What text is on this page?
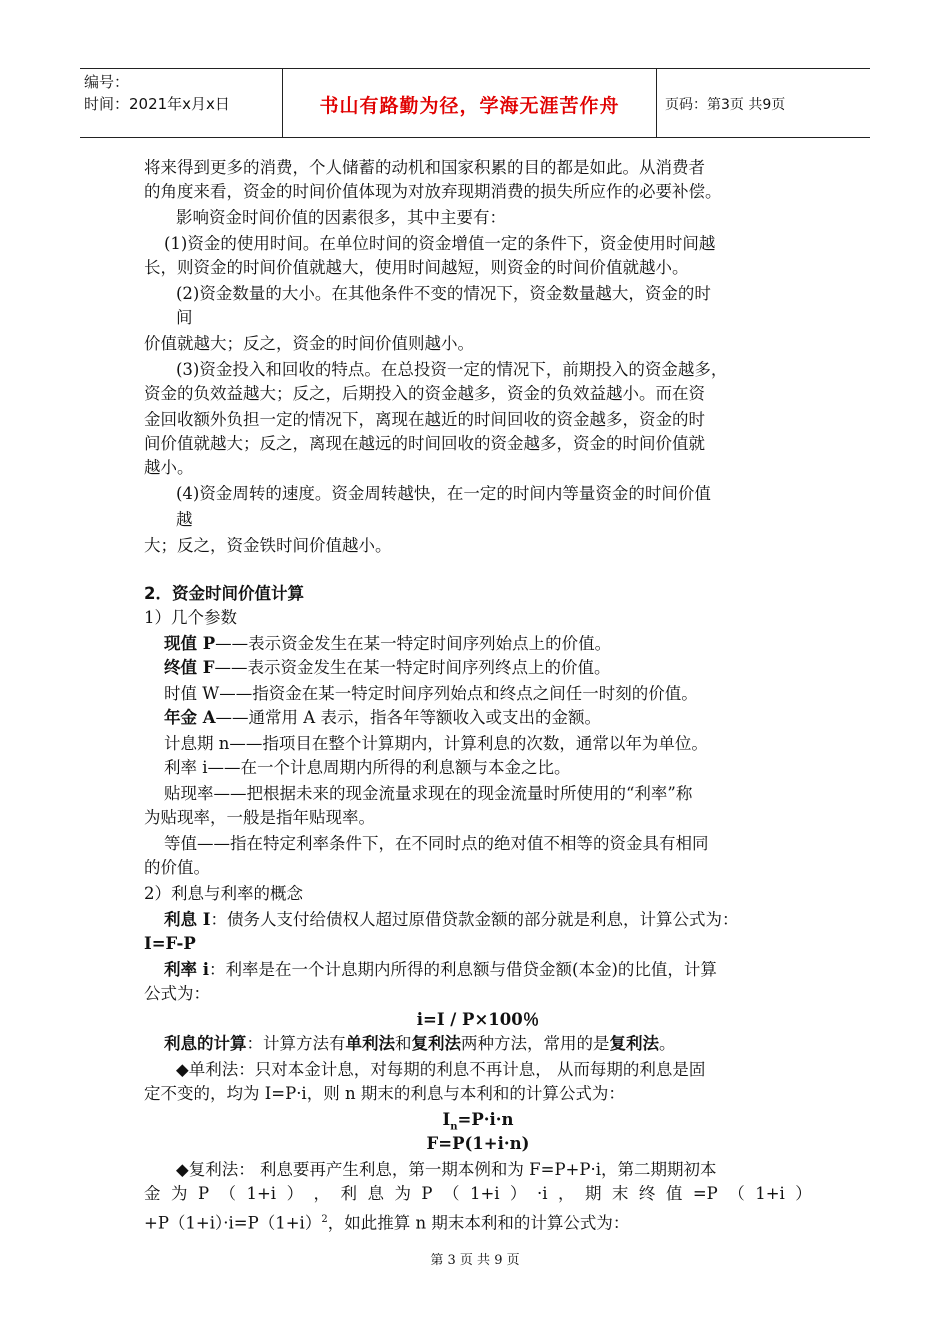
编号：
时间：2021年x月x日	书山有路勤为径，学海无涯苦作舟	页码：第3页 共9页
将来得到更多的消费，个人储蓄的动机和国家积累的目的都是如此。从消费者
的角度来看，资金的时间价值体现为对放弃现期消费的损失所应作的必要补偿。
影响资金时间价值的因素很多，其中主要有：
(1)资金的使用时间。在单位时间的资金增值一定的条件下，资金使用时间越
长，则资金的时间价值就越大，使用时间越短，则资金的时间价值就越小。
(2)资金数量的大小。在其他条件不变的情况下，资金数量越大，资金的时
间
价值就越大；反之，资金的时间价值则越小。
(3)资金投入和回收的特点。在总投资一定的情况下，前期投入的资金越多，
资金的负效益越大；反之，后期投入的资金越多，资金的负效益越小。而在资
金回收额外负担一定的情况下，离现在越近的时间回收的资金越多，资金的时
间价值就越大；反之，离现在越远的时间回收的资金越多，资金的时间价值就
越小。
(4)资金周转的速度。资金周转越快，在一定的时间内等量资金的时间价值
越
大；反之，资金铁时间价值越小。
2．资金时间价值计算
1）几个参数
现值 P——表示资金发生在某一特定时间序列始点上的价值。
终值 F——表示资金发生在某一特定时间序列终点上的价值。
时值 W——指资金在某一特定时间序列始点和终点之间任一时刻的价值。
年金 A——通常用 A 表示，指各年等额收入或支出的金额。
计息期 n——指项目在整个计算期内，计算利息的次数，通常以年为单位。
利率 i——在一个计息周期内所得的利息额与本金之比。
贴现率——把根据未来的现金流量求现在的现金流量时所使用的“利率”称
为贴现率，一般是指年贴现率。
等值——指在特定利率条件下，在不同时点的绝对值不相等的资金具有相同
的价值。
2）利息与利率的概念
利息 I：债务人支付给债权人超过原借贷款金额的部分就是利息，计算公式为：
I=F-P
利率 i：利率是在一个计息期内所得的利息额与借贷金额(本金)的比值，计算
公式为：
i=I / P×100％
利息的计算：计算方法有单利法和复利法两种方法，常用的是复利法。
◆单利法：只对本金计息，对每期的利息不再计息， 从而每期的利息是固
定不变的，均为 I=P·i，则 n 期末的利息与本利和的计算公式为：
$I_n=P\cdot i\cdot n$
F=P(1+i·n)
◆复利法： 利息要再产生利息，第一期本例和为 F=P+P·i，第二期期初本
金 为 P （ 1+i ） ， 利 息 为 P （ 1+i ） ·i ， 期 末 终 值 =P （ 1+i ）
$+P(1+i)\cdot i=P(1+i)^2$，如此推算 n 期末本利和的计算公式为：
第 3 页 共 9 页
